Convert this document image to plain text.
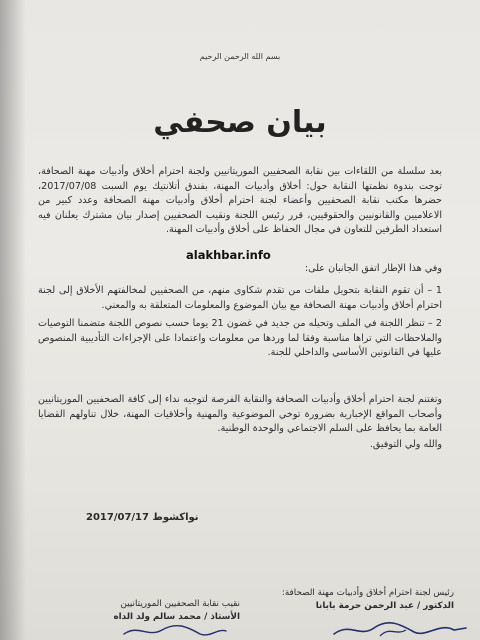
بسم الله الرحمن الرحيم
بيان صحفي

بعد سلسلة من اللقاءات بين نقابة الصحفيين الموريتانيين ولجنة احترام أخلاق وأدبيات مهنة الصحافة، توجت بندوة نظمتها النقابة حول: أخلاق وأدبيات المهنة، بفندق أتلانتيك يوم السبت 2017/07/08، حضرها مكتب نقابة الصحفيين وأعضاء لجنة احترام أخلاق وأدبيات مهنة الصحافة وعدد كبير من الاعلاميين والقانونيين والحقوقيين، قرر رئيس اللجنة ونقيب الصحفيين إصدار بيان مشترك يعلنان فيه استعداد الطرفين للتعاون في مجال الحفاظ على أخلاق وأدبيات المهنة.

alakhbar.info

وفي هذا الإطار اتفق الجانبان على:

1 – أن تقوم النقابة بتحويل ملفات من تقدم شكاوى منهم، من الصحفيين لمخالفتهم الأخلاق إلى لجنة احترام أخلاق وأدبيات مهنة الصحافة مع بيان الموضوع والمعلومات المتعلقة به والمعني.

2 – تنظر اللجنة في الملف وتحيله من جديد في غضون 21 يوما حسب نصوص اللجنة متضمنا التوصيات والملاحظات التي تراها مناسبة وفقا لما وردها من معلومات واعتمادا على الإجراءات التأديبية المنصوص عليها في القانونين الأساسي والداخلي للجنة.

وتغتنم لجنة احترام أخلاق وأدبيات الصحافة والنقابة الفرصة لتوجيه نداء إلى كافة الصحفيين الموريتانيين وأصحاب المواقع الإخبارية بضرورة توخي الموضوعية والمهنية وأخلاقيات المهنة، خلال تناولهم القضايا العامة بما يحافظ على السلم الاجتماعي والوحدة الوطنية.

والله ولي التوفيق.

نواكشوط 2017/07/17
رئيس لجنة احترام أخلاق وأدبيات مهنة الصحافة:
الدكتور / عبد الرحمن حرمة بابانا
نقيب نقابة الصحفيين الموريتانيين
الأستاذ / محمد سالم ولد الداه
